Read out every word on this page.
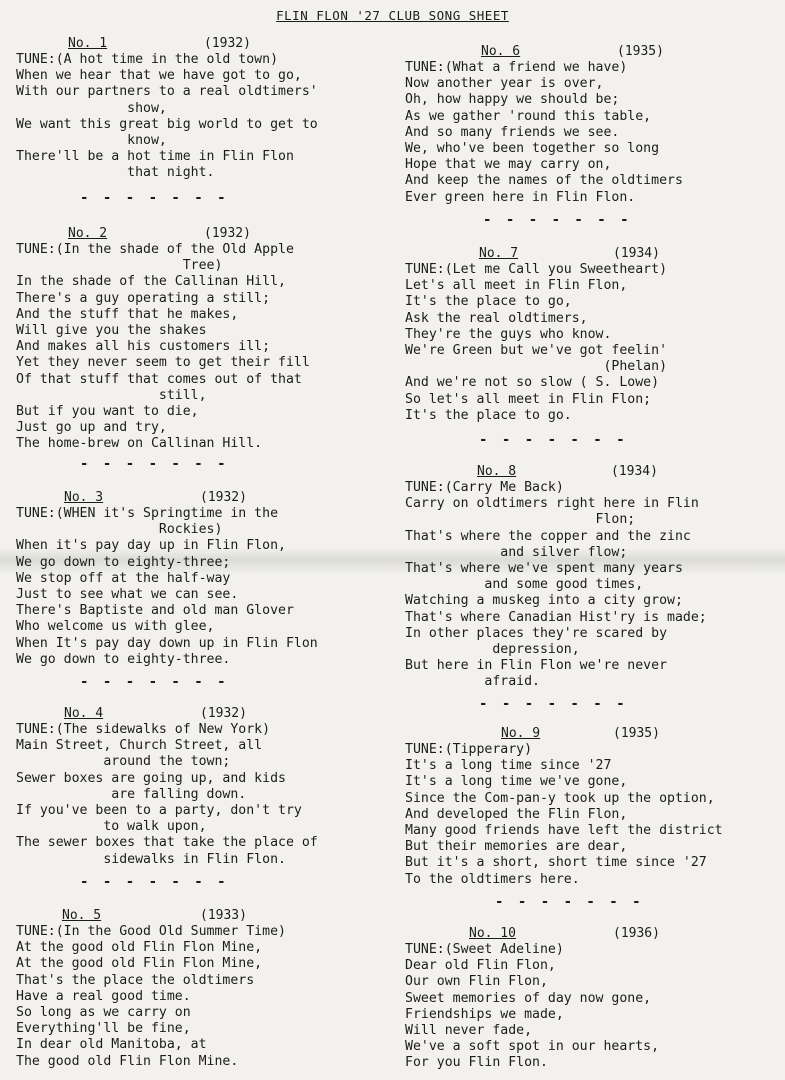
FLIN FLON '27 CLUB SONG SHEET
No. 1	(1932)
TUNE:(A hot time in the old town)
When we hear that we have got to go,
With our partners to a real oldtimers'
show,
We want this great big world to get to
know,
There'll be a hot time in Flin Flon
that night.
- - - - - - -
No. 2	(1932)
TUNE:(In the shade of the Old Apple
Tree)
In the shade of the Callinan Hill,
There's a guy operating a still;
And the stuff that he makes,
Will give you the shakes
And makes all his customers ill;
Yet they never seem to get their fill
Of that stuff that comes out of that
still,
But if you want to die,
Just go up and try,
The home-brew on Callinan Hill.
- - - - - - -
No. 3	(1932)
TUNE:(WHEN it's Springtime in the
Rockies)
When it's pay day up in Flin Flon,
We go down to eighty-three;
We stop off at the half-way
Just to see what we can see.
There's Baptiste and old man Glover
Who welcome us with glee,
When It's pay day down up in Flin Flon
We go down to eighty-three.
- - - - - - -
No. 4	(1932)
TUNE:(The sidewalks of New York)
Main Street, Church Street, all
around the town;
Sewer boxes are going up, and kids
are falling down.
If you've been to a party, don't try
to walk upon,
The sewer boxes that take the place of
sidewalks in Flin Flon.
- - - - - - -
No. 5	(1933)
TUNE:(In the Good Old Summer Time)
At the good old Flin Flon Mine,
At the good old Flin Flon Mine,
That's the place the oldtimers
Have a real good time.
So long as we carry on
Everything'll be fine,
In dear old Manitoba, at
The good old Flin Flon Mine.
No. 6	(1935)
TUNE:(What a friend we have)
Now another year is over,
Oh, how happy we should be;
As we gather 'round this table,
And so many friends we see.
We, who've been together so long
Hope that we may carry on,
And keep the names of the oldtimers
Ever green here in Flin Flon.
- - - - - - -
No. 7	(1934)
TUNE:(Let me Call you Sweetheart)
Let's all meet in Flin Flon,
It's the place to go,
Ask the real oldtimers,
They're the guys who know.
We're Green but we've got feelin'
(Phelan)
And we're not so slow ( S. Lowe)
So let's all meet in Flin Flon;
It's the place to go.
- - - - - - -
No. 8	(1934)
TUNE:(Carry Me Back)
Carry on oldtimers right here in Flin
Flon;
That's where the copper and the zinc
and silver flow;
That's where we've spent many years
and some good times,
Watching a muskeg into a city grow;
That's where Canadian Hist'ry is made;
In other places they're scared by
depression,
But here in Flin Flon we're never
afraid.
- - - - - - -
No. 9	(1935)
TUNE:(Tipperary)
It's a long time since '27
It's a long time we've gone,
Since the Com-pan-y took up the option,
And developed the Flin Flon,
Many good friends have left the district
But their memories are dear,
But it's a short, short time since '27
To the oldtimers here.
- - - - - - -
No. 10	(1936)
TUNE:(Sweet Adeline)
Dear old Flin Flon,
Our own Flin Flon,
Sweet memories of day now gone,
Friendships we made,
Will never fade,
We've a soft spot in our hearts,
For you Flin Flon.
